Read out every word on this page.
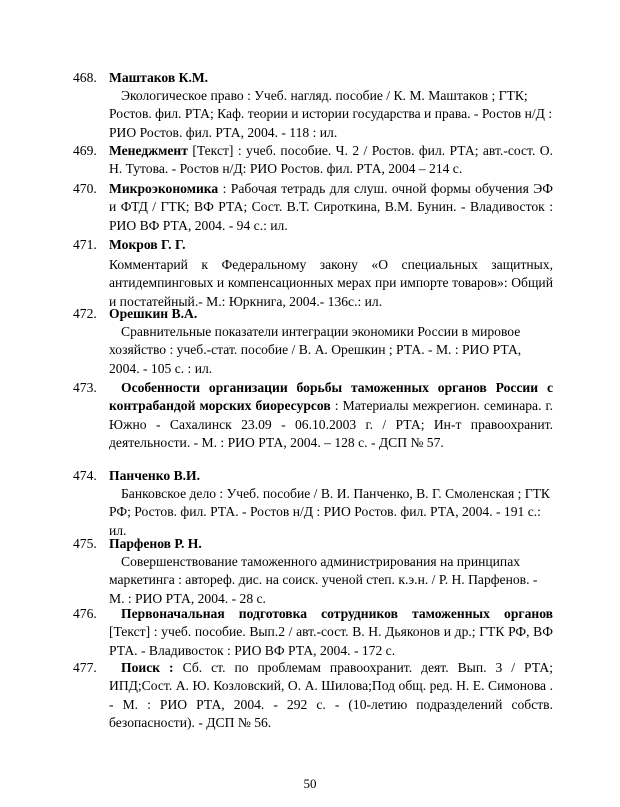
468. Маштаков К.М.
Экологическое право : Учеб. нагляд. пособие / К. М. Маштаков ; ГТК; Ростов. фил. РТА; Каф. теории и истории государства и права. - Ростов н/Д : РИО Ростов. фил. РТА, 2004. - 118 : ил.
469. Менеджмент [Текст] : учеб. пособие. Ч. 2 / Ростов. фил. РТА; авт.-сост. О. Н. Тутова. - Ростов н/Д: РИО Ростов. фил. РТА, 2004 – 214 с.
470. Микроэкономика : Рабочая тетрадь для слуш. очной формы обучения ЭФ и ФТД / ГТК; ВФ РТА; Сост. В.Т. Сироткина, В.М. Бунин. - Владивосток : РИО ВФ РТА, 2004. - 94 с.: ил.
471. Мокров Г. Г.
Комментарий к Федеральному закону «О специальных защитных, антидемпинговых и компенсационных мерах при импорте товаров»: Общий и постатейный.- М.: Юркнига, 2004.- 136с.: ил.
472. Орешкин В.А.
Сравнительные показатели интеграции экономики России в мировое хозяйство : учеб.-стат. пособие / В. А. Орешкин ; РТА. - М. : РИО РТА, 2004. - 105 с. : ил.
473.	Особенности организации борьбы таможенных органов России с контрабандой морских биоресурсов : Материалы межрегион. семинара. г. Южно - Сахалинск 23.09 - 06.10.2003 г. / РТА; Ин-т правоохранит. деятельности. - М. : РИО РТА, 2004. – 128 с. - ДСП № 57.
474. Панченко В.И.
Банковское дело : Учеб. пособие / В. И. Панченко, В. Г. Смоленская ; ГТК РФ; Ростов. фил. РТА. - Ростов н/Д : РИО Ростов. фил. РТА, 2004. - 191 с.: ил.
475. Парфенов Р. Н.
Совершенствование таможенного администрирования на принципах маркетинга : автореф. дис. на соиск. ученой степ. к.э.н. / Р. Н. Парфенов. - М. : РИО РТА, 2004. - 28 с.
476.	Первоначальная подготовка сотрудников таможенных органов [Текст] : учеб. пособие. Вып.2 / авт.-сост. В. Н. Дьяконов и др.; ГТК РФ, ВФ РТА. - Владивосток : РИО ВФ РТА, 2004. - 172 с.
477.	Поиск : Сб. ст. по проблемам правоохранит. деят. Вып. 3 / РТА; ИПД;Сост. А. Ю. Козловский, О. А. Шилова;Под общ. ред. Н. Е. Симонова . - М. : РИО РТА, 2004. - 292 с. - (10-летию подразделений собств. безопасности). - ДСП № 56.
50
